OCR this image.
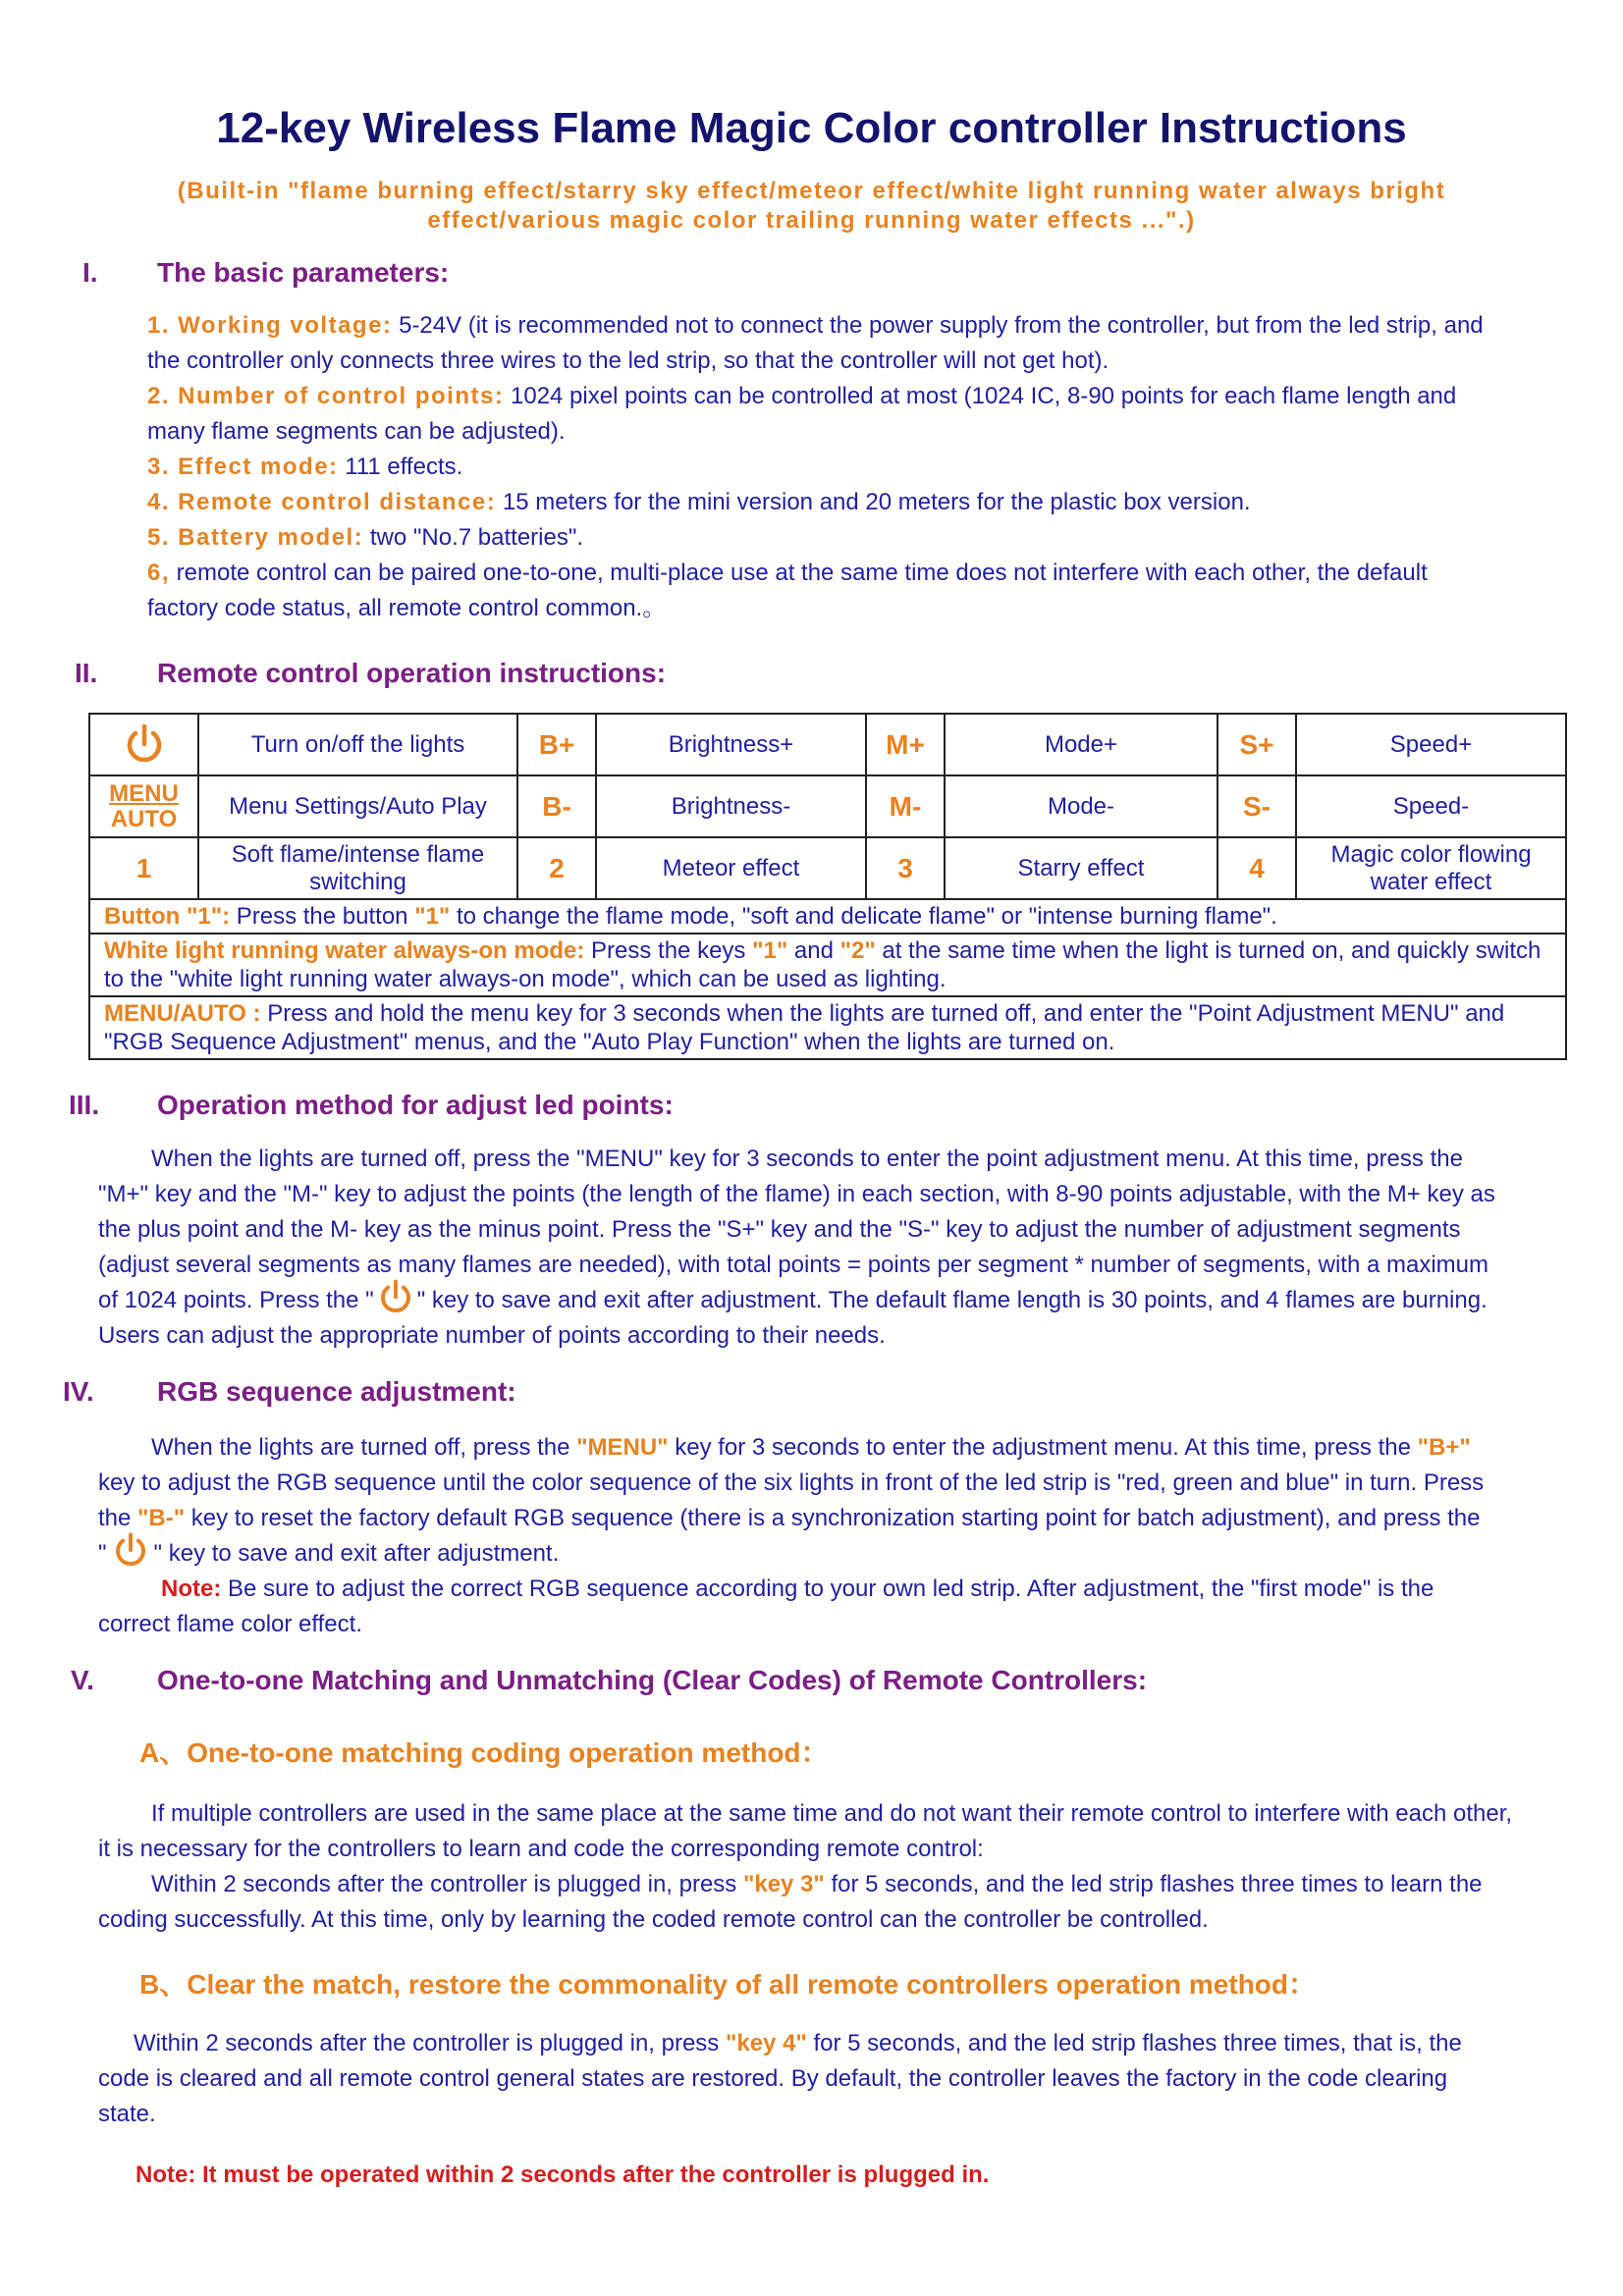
12-key Wireless Flame Magic Color controller Instructions
(Built-in "flame burning effect/starry sky effect/meteor effect/white light running water always bright
effect/various magic color trailing running water effects ...".)
I. The basic parameters:
1. Working voltage: 5-24V (it is recommended not to connect the power supply from the controller, but from the led strip, and
the controller only connects three wires to the led strip, so that the controller will not get hot).
2. Number of control points: 1024 pixel points can be controlled at most (1024 IC, 8-90 points for each flame length and
many flame segments can be adjusted).
3. Effect mode: 111 effects.
4. Remote control distance: 15 meters for the mini version and 20 meters for the plastic box version.
5. Battery model: two "No.7 batteries".
6, remote control can be paired one-to-one, multi-place use at the same time does not interfere with each other, the default
factory code status, all remote control common.。
II. Remote control operation instructions:
	Turn on/off the lights	B+	Brightness+	M+	Mode+	S+	Speed+

MENU
AUTO	Menu Settings/Auto Play	B-	Brightness-	M-	Mode-	S-	Speed-
1	Soft flame/intense flame switching	2	Meteor effect	3	Starry effect	4	Magic color flowing water effect
Button "1": Press the button "1" to change the flame mode, "soft and delicate flame" or "intense burning flame".							
White light running water always-on mode: Press the keys "1" and "2" at the same time when the light is turned on, and quickly switch to the "white light running water always-on mode", which can be used as lighting.							
MENU/AUTO : Press and hold the menu key for 3 seconds when the lights are turned off, and enter the "Point Adjustment MENU" and "RGB Sequence Adjustment" menus, and the "Auto Play Function" when the lights are turned on.							
III. Operation method for adjust led points:
When the lights are turned off, press the "MENU" key for 3 seconds to enter the point adjustment menu. At this time, press the
"M+" key and the "M-" key to adjust the points (the length of the flame) in each section, with 8-90 points adjustable, with the M+ key as
the plus point and the M- key as the minus point. Press the "S+" key and the "S-" key to adjust the number of adjustment segments
(adjust several segments as many flames are needed), with total points = points per segment * number of segments, with a maximum
of 1024 points. Press the " " key to save and exit after adjustment. The default flame length is 30 points, and 4 flames are burning.
Users can adjust the appropriate number of points according to their needs.
IV. RGB sequence adjustment:
When the lights are turned off, press the "MENU" key for 3 seconds to enter the adjustment menu. At this time, press the "B+"
key to adjust the RGB sequence until the color sequence of the six lights in front of the led strip is "red, green and blue" in turn. Press
the "B-" key to reset the factory default RGB sequence (there is a synchronization starting point for batch adjustment), and press the
" " key to save and exit after adjustment.
Note: Be sure to adjust the correct RGB sequence according to your own led strip. After adjustment, the "first mode" is the
correct flame color effect.
V. One-to-one Matching and Unmatching (Clear Codes) of Remote Controllers:
A、One-to-one matching coding operation method：
If multiple controllers are used in the same place at the same time and do not want their remote control to interfere with each other,
it is necessary for the controllers to learn and code the corresponding remote control:
Within 2 seconds after the controller is plugged in, press "key 3" for 5 seconds, and the led strip flashes three times to learn the
coding successfully. At this time, only by learning the coded remote control can the controller be controlled.
B、Clear the match, restore the commonality of all remote controllers operation method：
Within 2 seconds after the controller is plugged in, press "key 4" for 5 seconds, and the led strip flashes three times, that is, the
code is cleared and all remote control general states are restored. By default, the controller leaves the factory in the code clearing
state.
Note: It must be operated within 2 seconds after the controller is plugged in.
